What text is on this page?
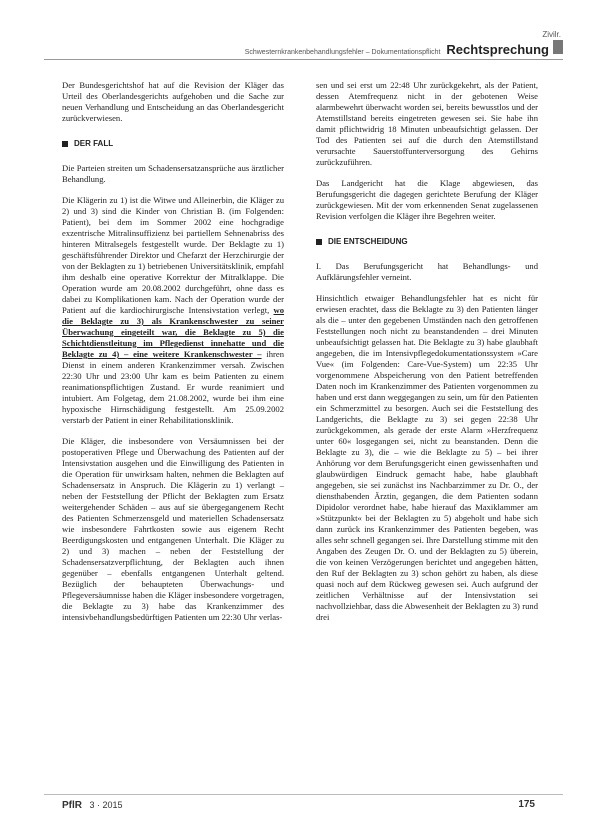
Zivilr.
Schwesternkrankenbehandlungsfehler – Dokumentationspflicht Rechtsprechung

Der Bundesgerichtshof hat auf die Revision der Kläger das Urteil des Oberlandesgerichts aufgehoben und die Sache zur neuen Verhandlung und Entscheidung an das Oberlandesgericht zurückverwiesen.

DER FALL

Die Parteien streiten um Schadensersatzansprüche aus ärztlicher Behandlung.

Die Klägerin zu 1) ist die Witwe und Alleinerbin, die Kläger zu 2) und 3) sind die Kinder von Christian B. (im Folgenden: Patient), bei dem im Sommer 2002 eine hochgradige exzentrische Mitralinsuffizienz bei partiellem Sehnenabriss des hinteren Mitralsegels festgestellt wurde. Der Beklagte zu 1) geschäftsführender Direktor und Chefarzt der Herzchirurgie der von der Beklagten zu 1) betriebenen Universitätsklinik, empfahl ihm deshalb eine operative Korrektur der Mitralklappe. Die Operation wurde am 20.08.2002 durchgeführt, ohne dass es dabei zu Komplikationen kam. Nach der Operation wurde der Patient auf die kardiochirurgische Intensivstation verlegt, wo die Beklagte zu 3) als Krankenschwester zu seiner Überwachung eingeteilt war, die Beklagte zu 5) die Schichtdienstleitung im Pflegedienst innehatte und die Beklagte zu 4) – eine weitere Krankenschwester – ihren Dienst in einem anderen Krankenzimmer versah. Zwischen 22:30 Uhr und 23:00 Uhr kam es beim Patienten zu einem reanimationspflichtigen Zustand. Er wurde reanimiert und intubiert. Am Folgetag, dem 21.08.2002, wurde bei ihm eine hypoxische Hirnschädigung festgestellt. Am 25.09.2002 verstarb der Patient in einer Rehabilitationsklinik.

Die Kläger, die insbesondere von Versäumnissen bei der postoperativen Pflege und Überwachung des Patienten auf der Intensivstation ausgehen und die Einwilligung des Patienten in die Operation für unwirksam halten, nehmen die Beklagten auf Schadensersatz in Anspruch. Die Klägerin zu 1) verlangt – neben der Feststellung der Pflicht der Beklagten zum Ersatz weitergehender Schäden – aus auf sie übergegangenem Recht des Patienten Schmerzensgeld und materiellen Schadensersatz wie insbesondere Fahrtkosten sowie aus eigenem Recht Beerdigungskosten und entgangenen Unterhalt. Die Kläger zu 2) und 3) machen – neben der Feststellung der Schadensersatzverpflichtung, der Beklagten auch ihnen gegenüber – ebenfalls entgangenen Unterhalt geltend. Bezüglich der behaupteten Überwachungs- und Pflegeversäumnisse haben die Kläger insbesondere vorgetragen, die Beklagte zu 3) habe das Krankenzimmer des intensivbehandlungsbedürftigen Patienten um 22:30 Uhr verlas-

sen und sei erst um 22:48 Uhr zurückgekehrt, als der Patient, dessen Atemfrequenz nicht in der gebotenen Weise alarmbewehrt überwacht worden sei, bereits bewusstlos und der Atemstillstand bereits eingetreten gewesen sei. Sie habe ihn damit pflichtwidrig 18 Minuten unbeaufsichtigt gelassen. Der Tod des Patienten sei auf die durch den Atemstillstand verursachte Sauerstoffunterversorgung des Gehirns zurückzuführen.

Das Landgericht hat die Klage abgewiesen, das Berufungsgericht die dagegen gerichtete Berufung der Kläger zurückgewiesen. Mit der vom erkennenden Senat zugelassenen Revision verfolgen die Kläger ihre Begehren weiter.

DIE ENTSCHEIDUNG

I. Das Berufungsgericht hat Behandlungs- und Aufklärungsfehler verneint.

Hinsichtlich etwaiger Behandlungsfehler hat es nicht für erwiesen erachtet, dass die Beklagte zu 3) den Patienten länger als die – unter den gegebenen Umständen nach den getroffenen Feststellungen noch nicht zu beanstandenden – drei Minuten unbeaufsichtigt gelassen hat. Die Beklagte zu 3) habe glaubhaft angegeben, die im Intensivpflegedokumentationssystem »Care Vue« (im Folgenden: Care-Vue-System) um 22:35 Uhr vorgenommene Abspeicherung von den Patient betreffenden Daten noch im Krankenzimmer des Patienten vorgenommen zu haben und erst dann weggegangen zu sein, um für den Patienten ein Schmerzmittel zu besorgen. Auch sei die Feststellung des Landgerichts, die Beklagte zu 3) sei gegen 22:38 Uhr zurückgekommen, als gerade der erste Alarm »Herzfrequenz unter 60« losgegangen sei, nicht zu beanstanden. Denn die Beklagte zu 3), die – wie die Beklagte zu 5) – bei ihrer Anhörung vor dem Berufungsgericht einen gewissenhaften und glaubwürdigen Eindruck gemacht habe, habe glaubhaft angegeben, sie sei zunächst ins Nachbarzimmer zu Dr. O., der diensthabenden Ärztin, gegangen, die dem Patienten sodann Dipidolor verordnet habe, habe hierauf das Maxiklammer am »Stützpunkt« bei der Beklagten zu 5) abgeholt und habe sich dann zurück ins Krankenzimmer des Patienten begeben, was alles sehr schnell gegangen sei. Ihre Darstellung stimme mit den Angaben des Zeugen Dr. O. und der Beklagten zu 5) überein, die von keinen Verzögerungen berichtet und angegeben hätten, den Ruf der Beklagten zu 3) schon gehört zu haben, als diese quasi noch auf dem Rückweg gewesen sei. Auch aufgrund der zeitlichen Verhältnisse auf der Intensivstation sei nachvollziehbar, dass die Abwesenheit der Beklagten zu 3) rund drei

PflR 3 · 2015	175
